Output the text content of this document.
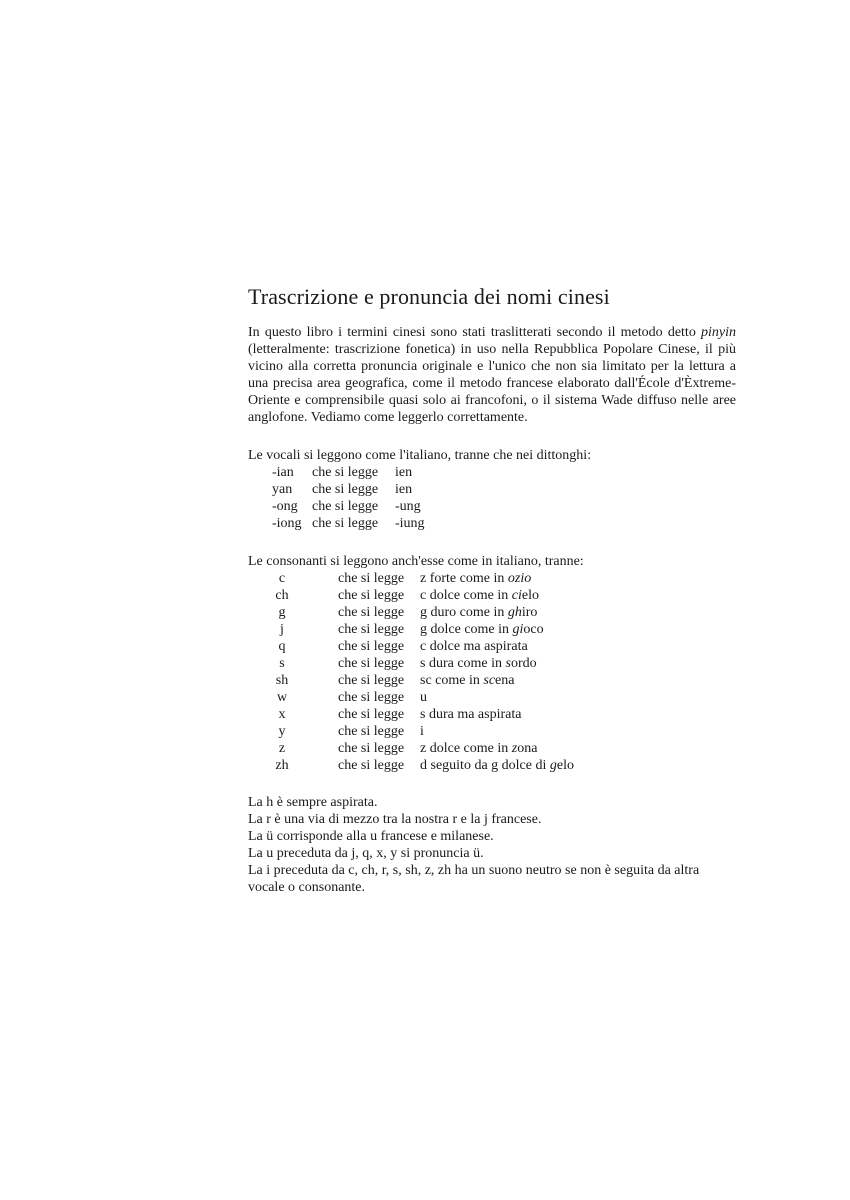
Trascrizione e pronuncia dei nomi cinesi

In questo libro i termini cinesi sono stati traslitterati secondo il metodo detto pinyin (letteralmente: trascrizione fonetica) in uso nella Repubblica Popolare Cinese, il più vicino alla corretta pronuncia originale e l'unico che non sia limitato per la lettura a una precisa area geografica, come il metodo francese elaborato dall'École d'Èxtreme-Oriente e comprensibile quasi solo ai francofoni, o il sistema Wade diffuso nelle aree anglofone. Vediamo come leggerlo correttamente.

Le vocali si leggono come l'italiano, tranne che nei dittonghi:

-ian	che si legge	ien
yan	che si legge	ien
-ong	che si legge	-ung
-iong	che si legge	-iung

Le consonanti si leggono anch'esse come in italiano, tranne:

c	che si legge	z forte come in ozio
ch	che si legge	c dolce come in cielo
g	che si legge	g duro come in ghiro
j	che si legge	g dolce come in gioco
q	che si legge	c dolce ma aspirata
s	che si legge	s dura come in sordo
sh	che si legge	sc come in scena
w	che si legge	u
x	che si legge	s dura ma aspirata
y	che si legge	i
z	che si legge	z dolce come in zona
zh	che si legge	d seguito da g dolce di gelo

La h è sempre aspirata.

La r è una via di mezzo tra la nostra r e la j francese.

La ü corrisponde alla u francese e milanese.

La u preceduta da j, q, x, y si pronuncia ü.

La i preceduta da c, ch, r, s, sh, z, zh ha un suono neutro se non è seguita da altra vocale o consonante.
